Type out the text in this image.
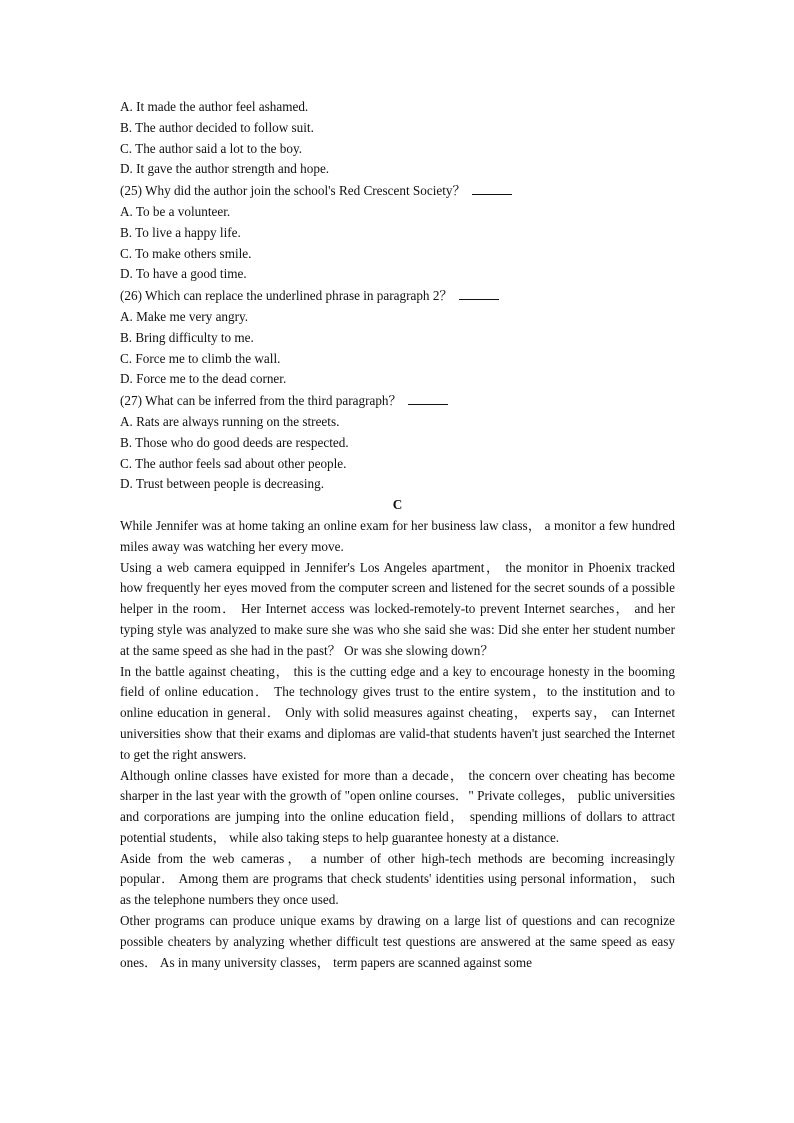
A. It made the author feel ashamed.
B. The author decided to follow suit.
C. The author said a lot to the boy.
D. It gave the author strength and hope.
(25) Why did the author join the school's Red Crescent Society？
A. To be a volunteer.
B. To live a happy life.
C. To make others smile.
D. To have a good time.
(26) Which can replace the underlined phrase in paragraph 2？
A. Make me very angry.
B. Bring difficulty to me.
C. Force me to climb the wall.
D. Force me to the dead corner.
(27) What can be inferred from the third paragraph？
A. Rats are always running on the streets.
B. Those who do good deeds are respected.
C. The author feels sad about other people.
D. Trust between people is decreasing.
C
While Jennifer was at home taking an online exam for her business law class， a monitor a few hundred miles away was watching her every move.
Using a web camera equipped in Jennifer's Los Angeles apartment， the monitor in Phoenix tracked how frequently her eyes moved from the computer screen and listened for the secret sounds of a possible helper in the room． Her Internet access was locked-remotely-to prevent Internet searches， and her typing style was analyzed to make sure she was who she said she was: Did she enter her student number at the same speed as she had in the past？ Or was she slowing down？
In the battle against cheating， this is the cutting edge and a key to encourage honesty in the booming field of online education． The technology gives trust to the entire system，to the institution and to online education in general． Only with solid measures against cheating， experts say， can Internet universities show that their exams and diplomas are valid-that students haven't just searched the Internet to get the right answers.
Although online classes have existed for more than a decade， the concern over cheating has become sharper in the last year with the growth of "open online courses．" Private colleges， public universities and corporations are jumping into the online education field， spending millions of dollars to attract potential students， while also taking steps to help guarantee honesty at a distance.
Aside from the web cameras， a number of other high-tech methods are becoming increasingly popular． Among them are programs that check students' identities using personal information， such as the telephone numbers they once used.
Other programs can produce unique exams by drawing on a large list of questions and can recognize possible cheaters by analyzing whether difficult test questions are answered at the same speed as easy ones． As in many university classes， term papers are scanned against some
